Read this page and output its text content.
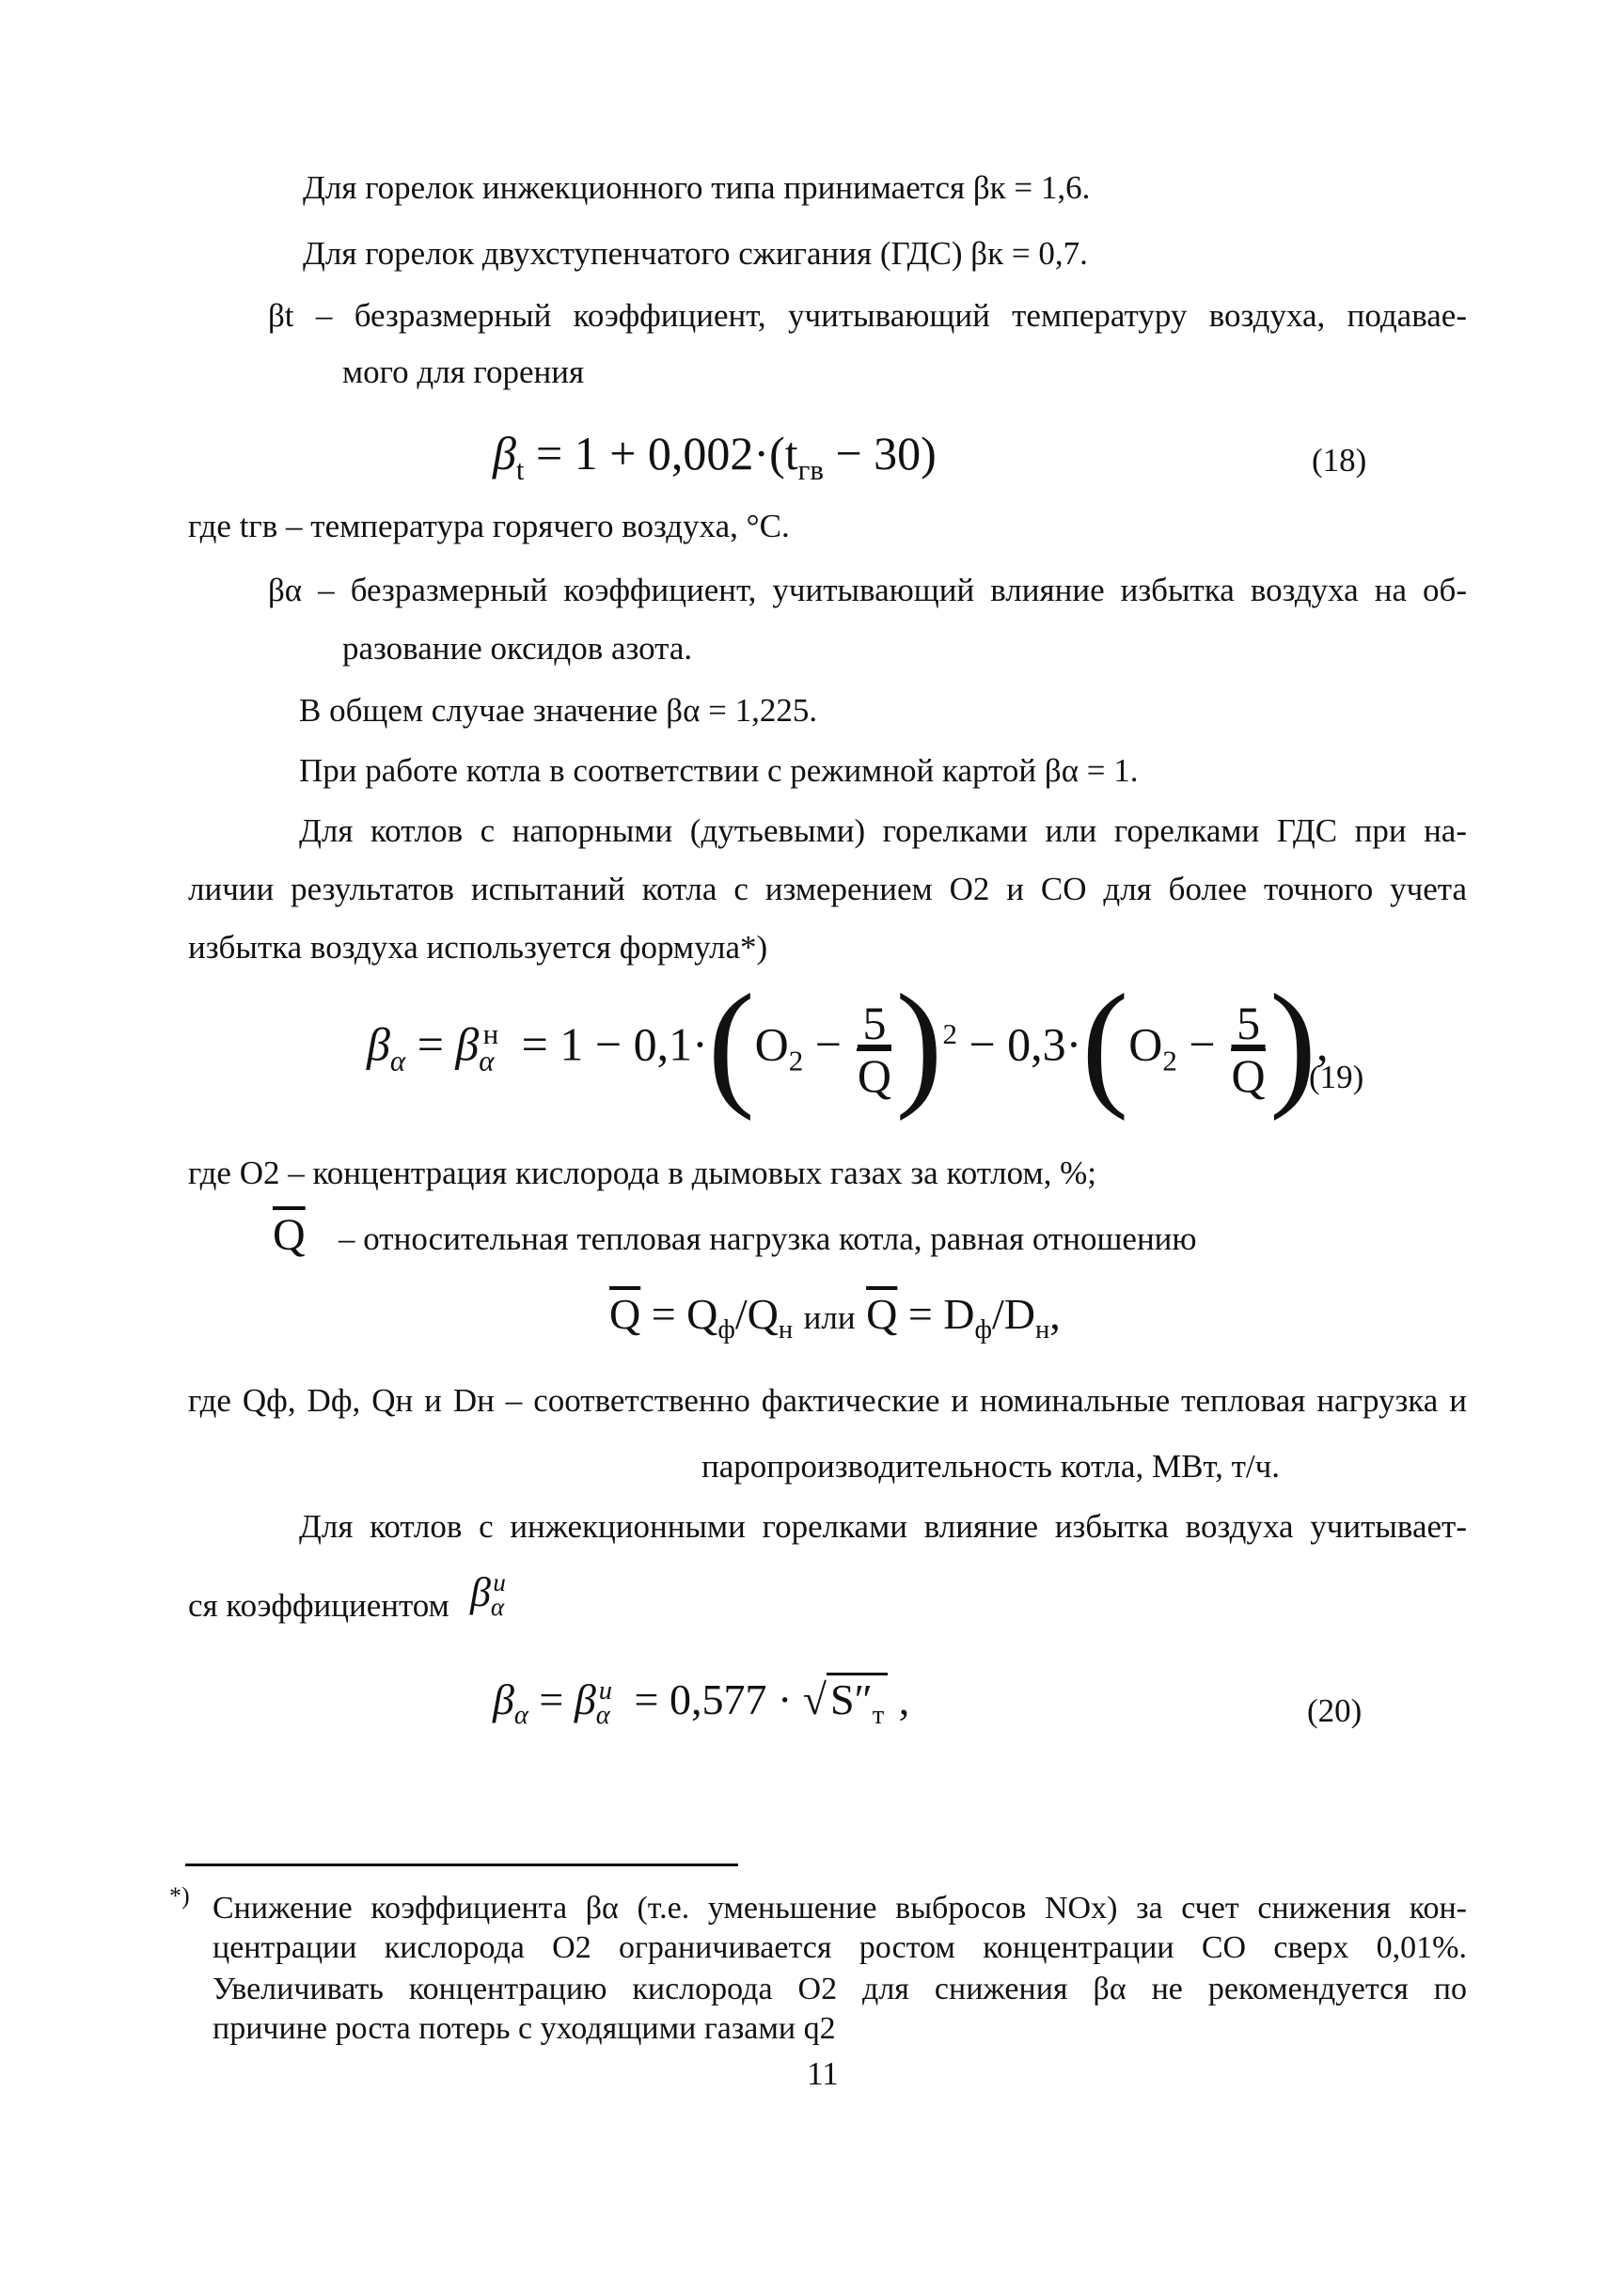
Для горелок инжекционного типа принимается βк = 1,6.
Для горелок двухступенчатого сжигания (ГДС) βк = 0,7.
βt – безразмерный коэффициент, учитывающий температуру воздуха, подавае-
мого для горения
$\beta_t = 1 + 0,002\cdot(t_{гв} - 30)$	(18)
где tгв – температура горячего воздуха, °С.
βα – безразмерный коэффициент, учитывающий влияние избытка воздуха на об-
разование оксидов азота.
В общем случае значение βα = 1,225.
При работе котла в соответствии с режимной картой βα = 1.
Для котлов с напорными (дутьевыми) горелками или горелками ГДС при на-
личии результатов испытаний котла с измерением О2 и СО для более точного учета
избытка воздуха используется формула*)
$\beta_\alpha = \beta_\alpha^н = 1 - 0,1\cdot(O_2 - \frac{5}{Q} )^2 - 0,3\cdot(O_2 - \frac{5}{Q}$ ),
(19)
где О2 – концентрация кислорода в дымовых газах за котлом, %;
$\overline{Q}$ – относительная тепловая нагрузка котла, равная отношению
$\overline{Q} = Q_ф/Q_н$ или $\overline{Q} = D_ф/D_н$,
где Qф, Dф, Qн и Dн – соответственно фактические и номинальные тепловая нагрузка и
паропроизводительность котла, МВт, т/ч.
Для котлов с инжекционными горелками влияние избытка воздуха учитывает-
ся коэффициентом $\beta_\alpha^и$
$\beta_\alpha = \beta_\alpha^и = 0,577 \cdot √S''_т$ ,	(20)
*) Снижение коэффициента βα (т.е. уменьшение выбросов NOx) за счет снижения кон-
центрации кислорода О2 ограничивается ростом концентрации СО сверх 0,01%.
Увеличивать концентрацию кислорода О2 для снижения βα не рекомендуется по
причине роста потерь с уходящими газами q2
11
